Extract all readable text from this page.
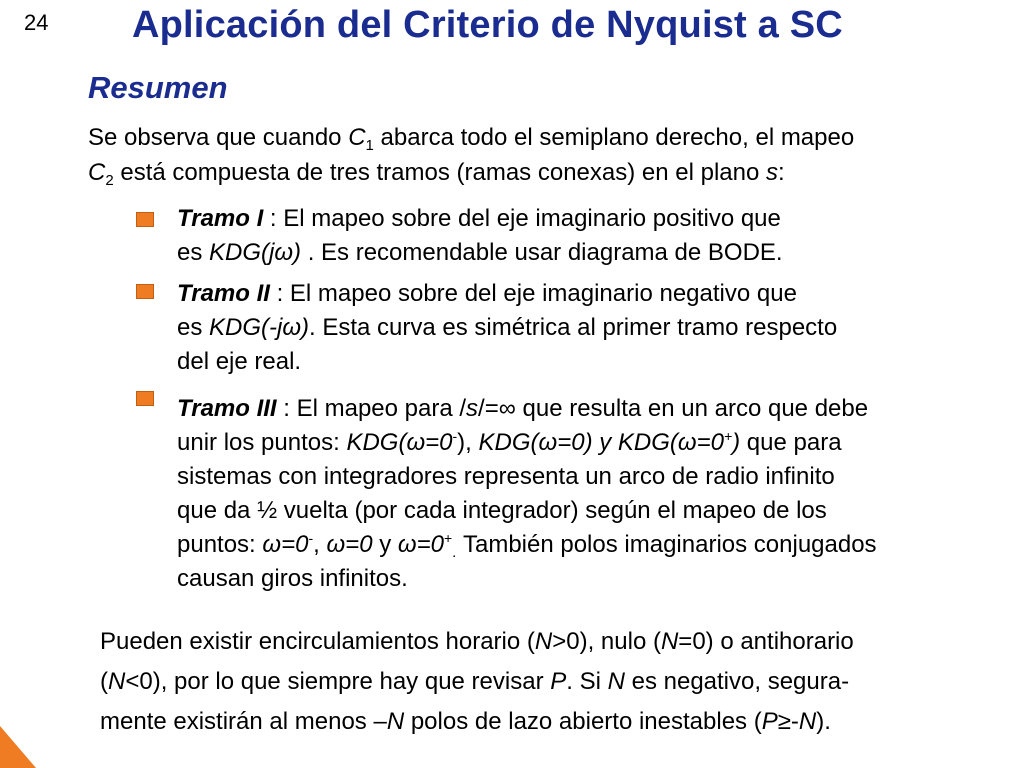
24	Aplicación del Criterio de Nyquist a SC
Resumen

Se observa que cuando $C_1$ abarca todo el semiplano derecho, el mapeo
$C_2$ está compuesta de tres tramos (ramas conexas) en el plano s:

Tramo I : El mapeo sobre del eje imaginario positivo que
es KDG(jω) . Es recomendable usar diagrama de BODE.

Tramo II : El mapeo sobre del eje imaginario negativo que
es KDG(-jω). Esta curva es simétrica al primer tramo respecto
del eje real.

Tramo III : El mapeo para /s/=∞ que resulta en un arco que debe
unir los puntos: KDG(ω=0-), KDG(ω=0) y KDG(ω=0+) que para
sistemas con integradores representa un arco de radio infinito
que da ½ vuelta (por cada integrador) según el mapeo de los
puntos: ω=0-, ω=0 y $\omega=0^+_.$ También polos imaginarios conjugados
causan giros infinitos.

Pueden existir encirculamientos horario (N>0), nulo (N=0) o antihorario
(N<0), por lo que siempre hay que revisar P. Si N es negativo, segura-
mente existirán al menos –N polos de lazo abierto inestables (P≥-N).
